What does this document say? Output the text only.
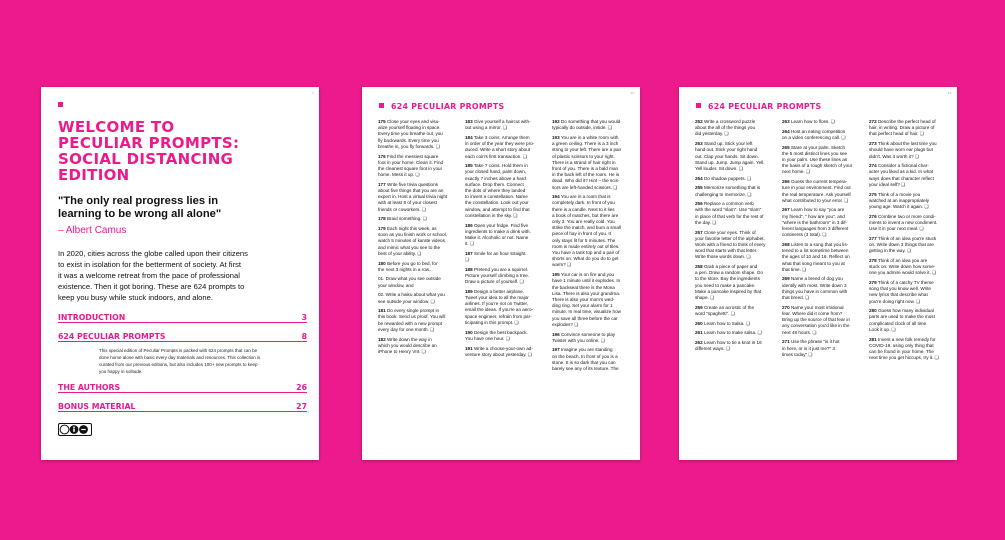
7
WELCOME TO
PECULIAR PROMPTS:
SOCIAL DISTANCING
EDITION
"The only real progress lies in
learning to be wrong all alone"
– Albert Camus
In 2020, cities across the globe called upon their citizens
to exist in isolation for the betterment of society. At first
it was a welcome retreat from the pace of professional
existence. Then it got boring. These are 624 prompts to
keep you busy while stuck indoors, and alone.
INTRODUCTION	3
624 PECULIAR PROMPTS	8
This special edition of Peculiar Prompts is packed with 624 prompts that can be
done home alone with basic every day materials and resources. This collection is
curated from our previous editions, but also includes 100+ new prompts to keep
you happy in solitude.
THE AUTHORS	26
BONUS MATERIAL	27
12
624 PECULIAR PROMPTS
175 Close your eyes and visu-
alize yourself floating in space.
Every time you breathe out, you
fly backwards. Every time you
breathe in, you fly forwards. ❑
176 Find the messiest square
foot in your home. Clean it. Find
the cleanest square foot in your
home. Mess it up. ❑
177 Write five trivia questions
about five things that you are an
expert in. Host a virtual trivia night
with at least 5 of your closest
friends or coworkers. ❑
178 Braid something. ❑
179 Each night this week, as
soon as you finish work or school,
watch 5 minutes of karate videos
and mimic what you see to the
best of your ability. ❑
180 Before you go to bed, for
the next 3 nights in a row...
01. Draw what you see outside
your window, and
02. Write a haiku about what you
see outside your window. ❑
181 Do every single prompt in
this book. Send us proof. You will
be rewarded with a new prompt
every day for one month. ❑
182 Write down the way in
which you would describe an
iPhone to Henry VIII. ❑
183 Give yourself a haircut with-
out using a mirror. ❑
184 Take 3 coins. Arrange them
in order of the year they were pro-
duced. Write a short story about
each coin's first transaction. ❑
185 Take 7 coins. Hold them in
your closed hand, palm down,
exactly 7 inches above a hard
surface. Drop them. Connect
the dots of where they landed
to invent a constellation. Name
the constellation. Look out your
window, and attempt to find that
constellation in the sky. ❑
186 Open your fridge. Find five
ingredients to make a drink with.
Make it. Alcoholic or not. Name
it. ❑
187 Smile for an hour straight.
❑
188 Pretend you are a squirrel.
Picture yourself climbing a tree.
Draw a picture of yourself. ❑
189 Design a better airplane.
Tweet your idea to all the major
airlines. If you're not on Twitter,
email the ideas. If you're an aero-
space engineer, refrain from par-
ticipating in this prompt. ❑
190 Design the best backpack.
You have one hour. ❑
191 Write a choose-your-own ad-
venture story about yesterday. ❑
192 Do something that you would
typically do outside, inside. ❑
193 You are in a white room with
a green ceiling. There is a 3 inch
string to your left. There are a pair
of plastic scissors to your right.
There is a strand of hair right in
front of you. There is a bald man
in the back left of the room. He is
dead. Who did it? Hint – the scis-
sors are left-handed scissors. ❑
194 You are in a room that is
completely dark. In front of you
there is a candle. Next to it lies
a book of matches, but there are
only 3. You are really cold. You
strike the match, and burn a small
piece of hay in front of you. It
only stays lit for 5 minutes. The
room is made entirely out of tiles.
You have a tank top and a pair of
shorts on. What do you do to get
warm? ❑
195 Your car is on fire and you
have 1 minute until it explodes. In
the backseat there is the Mona
Lisa. There is also your grandma.
There is also your mom's wed-
ding ring. Set your alarm for 1
minute. In real time, visualize how
you save all three before the car
explodes? ❑
196 Convince someone to play
Twister with you online. ❑
197 Imagine you are standing
on the beach. In front of you is a
stone. It is so dark that you can
barely see any of its texture. The
13
624 PECULIAR PROMPTS
252 Write a crossword puzzle
about the all of the things you
did yesterday. ❑
253 Stand up. Stick your left
hand out. Stick your right hand
out. Clap your hands. Sit down.
Stand up. Jump. Jump again. Yell.
Yell louder. Sit down. ❑
254 Do shadow puppets. ❑
255 Memorize something that is
challenging to memorize. ❑
256 Replace a common verb
with the word "slam". Use "slam"
in place of that verb for the rest of
the day. ❑
257 Close your eyes. Think of
your favorite letter of the alphabet.
Work with a friend to think of every
word that starts with that letter.
Write those words down. ❑
258 Grab a piece of paper and
a pen. Draw a random shape. Go
to the store. Buy the ingredients
you need to make a pancake.
Make a pancake inspired by that
shape. ❑
259 Create an acrostic of the
word "spaghetti". ❑
260 Learn how to Salsa. ❑
261 Learn how to make salsa. ❑
262 Learn how to tie a knot in 16
different ways. ❑
263 Learn how to floss. ❑
264 Host an eating competition
on a video conferencing call. ❑
265 Stare at your palm. Sketch
the 5 most distinct lines you see
in your palm. Use these lines as
the basis of a rough sketch of your
next home. ❑
266 Guess the current tempera-
ture in your environment. Find out
the real temperature. Ask yourself
what contributed to your error. ❑
267 Learn how to say "you are
my friend", " how are you", and
"where is the bathroom" in 3 dif-
ferent languages from 3 different
continents (3 total). ❑
268 Listen to a song that you lis-
tened to a lot sometime between
the ages of 10 and 16. Reflect on
what that song meant to you at
that time. ❑
269 Name a breed of dog you
identify with most. Write down 3
things you have in common with
that breed. ❑
270 Name your most irrational
fear. Where did it come from?
Bring up the source of that fear in
any conversation you'd like in the
next 48 hours. ❑
271 Use the phrase "is it hot
in here, or is it just me?" 3
times today" ❑
272 Describe the perfect head of
hair, in writing. Draw a picture of
that perfect head of hair. ❑
273 Think about the last time you
should have worn ear plugs but
didn't. Was it worth it? ❑
274 Consider a fictional char-
acter you liked as a kid. In what
ways does that character reflect
your ideal self? ❑
275 Think of a movie you
watched at an inappropriately
young age. Watch it again. ❑
276 Combine two or more condi-
ments to invent a new condiment.
Use it in your next meal. ❑
277 Think of an idea you're stuck
on. Write down 3 things that are
getting in the way. ❑
278 Think of an idea you are
stuck on. Write down how some-
one you admire would solve it. ❑
279 Think of a catchy TV theme
song that you know well. Write
new lyrics that describe what
you're doing right now. ❑
280 Guess how many individual
parts are used to make the most
complicated clock of all time.
Look it up. ❑
281 Invent a new folk remedy for
COVID-19, using only thing that
can be found in your home. The
next time you get hiccups, try it. ❑
